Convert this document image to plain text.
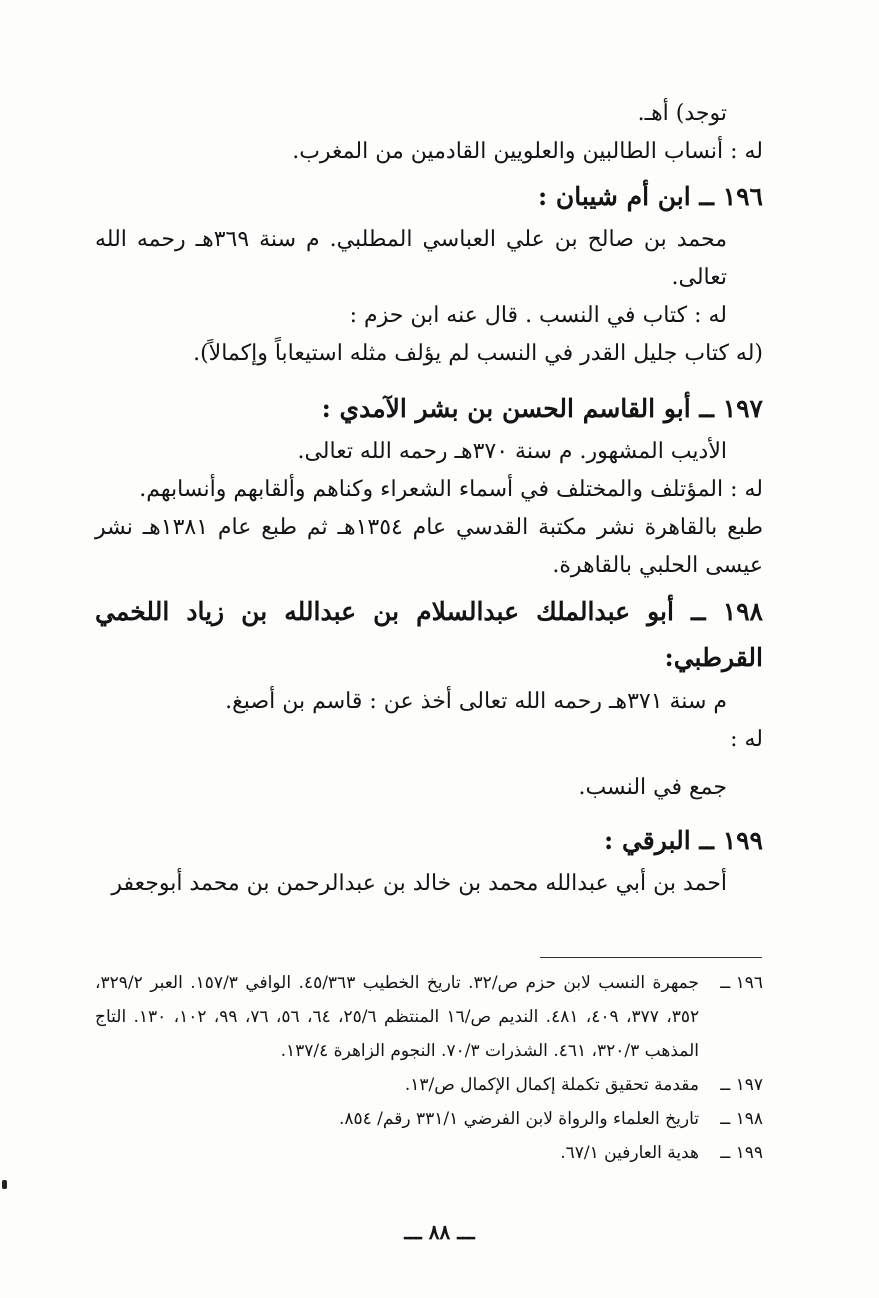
توجد) أهـ.

له : أنساب الطالبين والعلويين القادمين من المغرب.

١٩٦ ــ ابن أم شيبان :

محمد بن صالح بن علي العباسي المطلبي. م سنة ٣٦٩هـ رحمه الله تعالى.

له : كتاب في النسب . قال عنه ابن حزم :

(له كتاب جليل القدر في النسب لم يؤلف مثله استيعاباً وإكمالاً).

١٩٧ ــ أبو القاسم الحسن بن بشر الآمدي :

الأديب المشهور. م سنة ٣٧٠هـ رحمه الله تعالى.

له : المؤتلف والمختلف في أسماء الشعراء وكناهم وألقابهم وأنسابهم.

طبع بالقاهرة نشر مكتبة القدسي عام ١٣٥٤هـ ثم طبع عام ١٣٨١هـ نشر عيسى الحلبي بالقاهرة.

١٩٨ ــ أبو عبدالملك عبدالسلام بن عبدالله بن زياد اللخمي القرطبي:

م سنة ٣٧١هـ رحمه الله تعالى أخذ عن : قاسم بن أصبغ.

له :

جمع في النسب.

١٩٩ ــ البرقي :

أحمد بن أبي عبدالله محمد بن خالد بن عبدالرحمن بن محمد أبوجعفر

١٩٦ ــ
جمهرة النسب لابن حزم ص/٣٢. تاريخ الخطيب ٤٥/٣٦٣. الوافي ١٥٧/٣. العبر ٣٢٩/٢، ٣٥٢، ٣٧٧، ٤٠٩، ٤٨١. النديم ص/١٦ المنتظم ٢٥/٦، ٦٤، ٥٦، ٧٦، ٩٩، ١٠٢، ١٣٠. التاج المذهب ٣٢٠/٣، ٤٦١. الشذرات ٧٠/٣. النجوم الزاهرة ١٣٧/٤.
١٩٧ ــ
مقدمة تحقيق تكملة إكمال الإكمال ص/١٣.
١٩٨ ــ
تاريخ العلماء والرواة لابن الفرضي ٣٣١/١ رقم/ ٨٥٤.
١٩٩ ــ
هدية العارفين ٦٧/١.
ـــ ٨٨ ـــ
